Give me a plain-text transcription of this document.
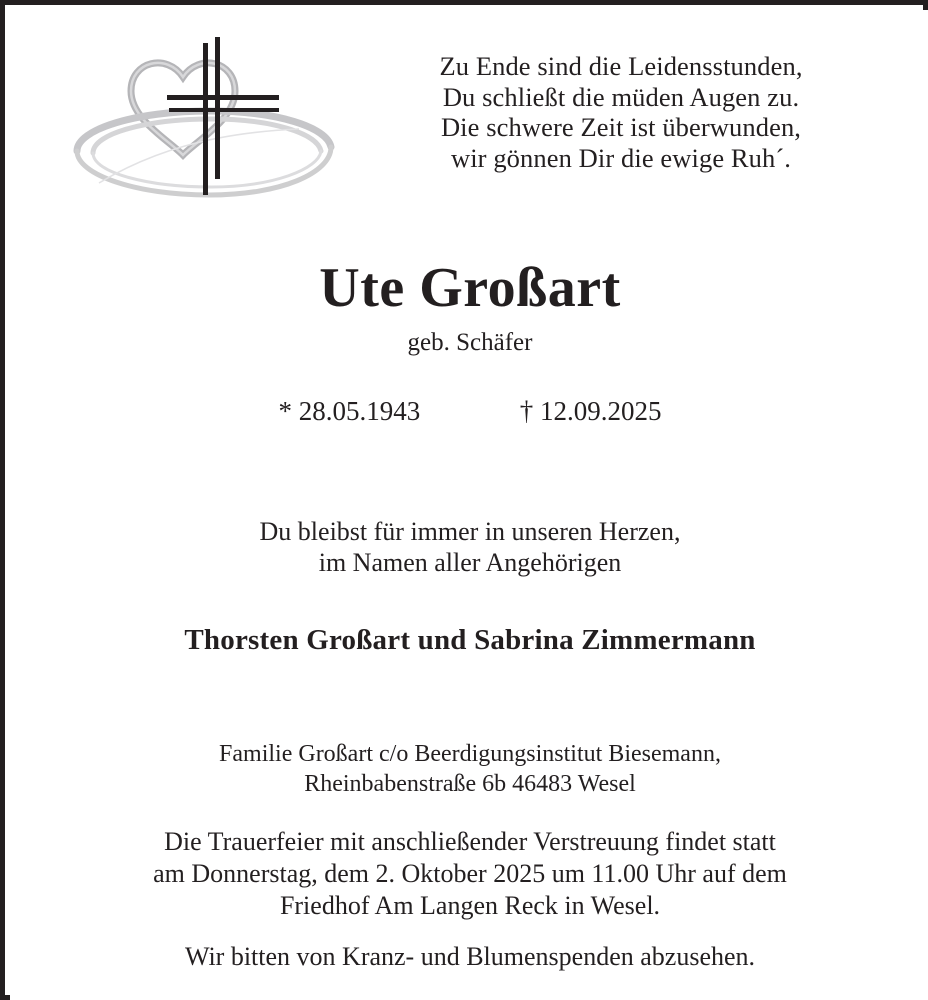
Zu Ende sind die Leidensstunden,
Du schließt die müden Augen zu.
Die schwere Zeit ist überwunden,
wir gönnen Dir die ewige Ruhˊ.
Ute Großart
geb. Schäfer
* 28.05.1943	† 12.09.2025
Du bleibst für immer in unseren Herzen,
im Namen aller Angehörigen
Thorsten Großart und Sabrina Zimmermann
Familie Großart c/o Beerdigungsinstitut Biesemann,
Rheinbabenstraße 6b 46483 Wesel
Die Trauerfeier mit anschließender Verstreuung findet statt
am Donnerstag, dem 2. Oktober 2025 um 11.00 Uhr auf dem
Friedhof Am Langen Reck in Wesel.
Wir bitten von Kranz- und Blumenspenden abzusehen.
